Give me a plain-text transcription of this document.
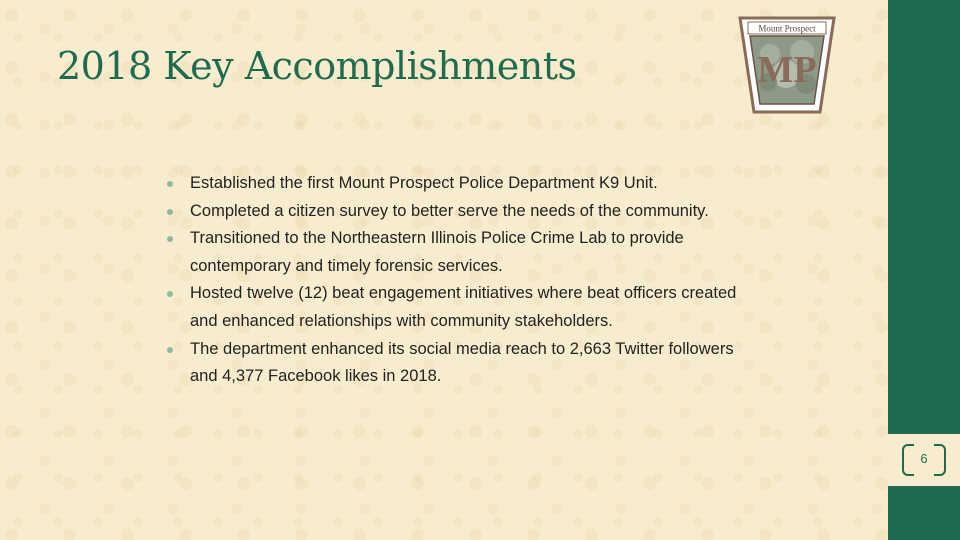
2018 Key Accomplishments
Mount Prospect
MP
Established the first Mount Prospect Police Department K9 Unit.
Completed a citizen survey to better serve the needs of the community.
Transitioned to the Northeastern Illinois Police Crime Lab to provide contemporary and timely forensic services.
Hosted twelve (12) beat engagement initiatives where beat officers created and enhanced relationships with community stakeholders.
The department enhanced its social media reach to 2,663 Twitter followers and 4,377 Facebook likes in 2018.
6
